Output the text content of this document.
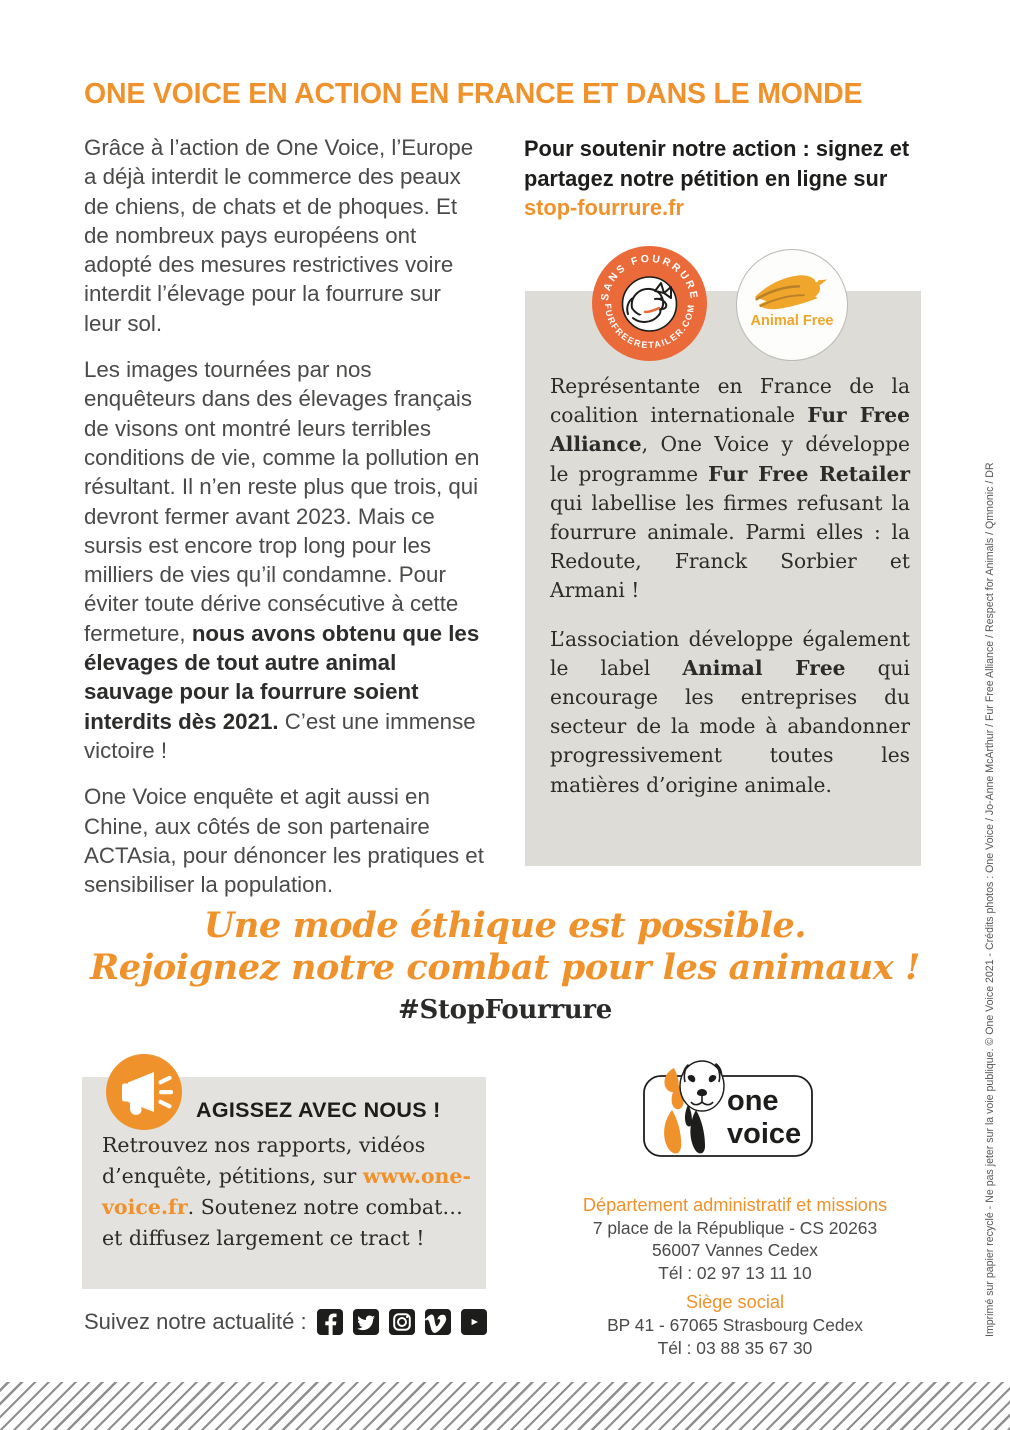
ONE VOICE EN ACTION EN FRANCE ET DANS LE MONDE

Grâce à l’action de One Voice, l’Europe a déjà interdit le commerce des peaux de chiens, de chats et de phoques. Et de nombreux pays européens ont adopté des mesures restrictives voire interdit l’élevage pour la fourrure sur leur sol.

Les images tournées par nos enquêteurs dans des élevages français de visons ont montré leurs terribles conditions de vie, comme la pollution en résultant. Il n’en reste plus que trois, qui devront fermer avant 2023. Mais ce sursis est encore trop long pour les milliers de vies qu’il condamne. Pour éviter toute dérive consécutive à cette fermeture, nous avons obtenu que les élevages de tout autre animal sauvage pour la fourrure soient interdits dès 2021. C’est une immense victoire !

One Voice enquête et agit aussi en Chine, aux côtés de son partenaire ACTAsia, pour dénoncer les pratiques et sensibiliser la population.

Pour soutenir notre action : signez et partagez notre pétition en ligne sur stop-fourrure.fr
SANS FOURRURE
FURFREERETAILER.COM
Animal Free

Représentante en France de la coalition internationale Fur Free Alliance, One Voice y développe le programme Fur Free Retailer qui labellise les firmes refusant la fourrure animale. Parmi elles : la Redoute, Franck Sorbier et Armani !

L’association développe également le label Animal Free qui encourage les entreprises du secteur de la mode à abandonner progressivement toutes les matières d’origine animale.

Une mode éthique est possible.
Rejoignez notre combat pour les animaux !
#StopFourrure
AGISSEZ AVEC NOUS !
Retrouvez nos rapports, vidéos d’enquête, pétitions, sur www.one-voice.fr. Soutenez notre combat… et diffusez largement ce tract !
Suivez notre actualité :
one
voice
Département administratif et missions
7 place de la République - CS 20263
56007 Vannes Cedex
Tél : 02 97 13 11 10
Siège social
BP 41 - 67065 Strasbourg Cedex
Tél : 03 88 35 67 30
Imprimé sur papier recyclé - Ne pas jeter sur la voie publique. © One Voice 2021 - Crédits photos : One Voice / Jo-Anne McArthur / Fur Free Alliance / Respect for Animals / Qmnonic / DR
